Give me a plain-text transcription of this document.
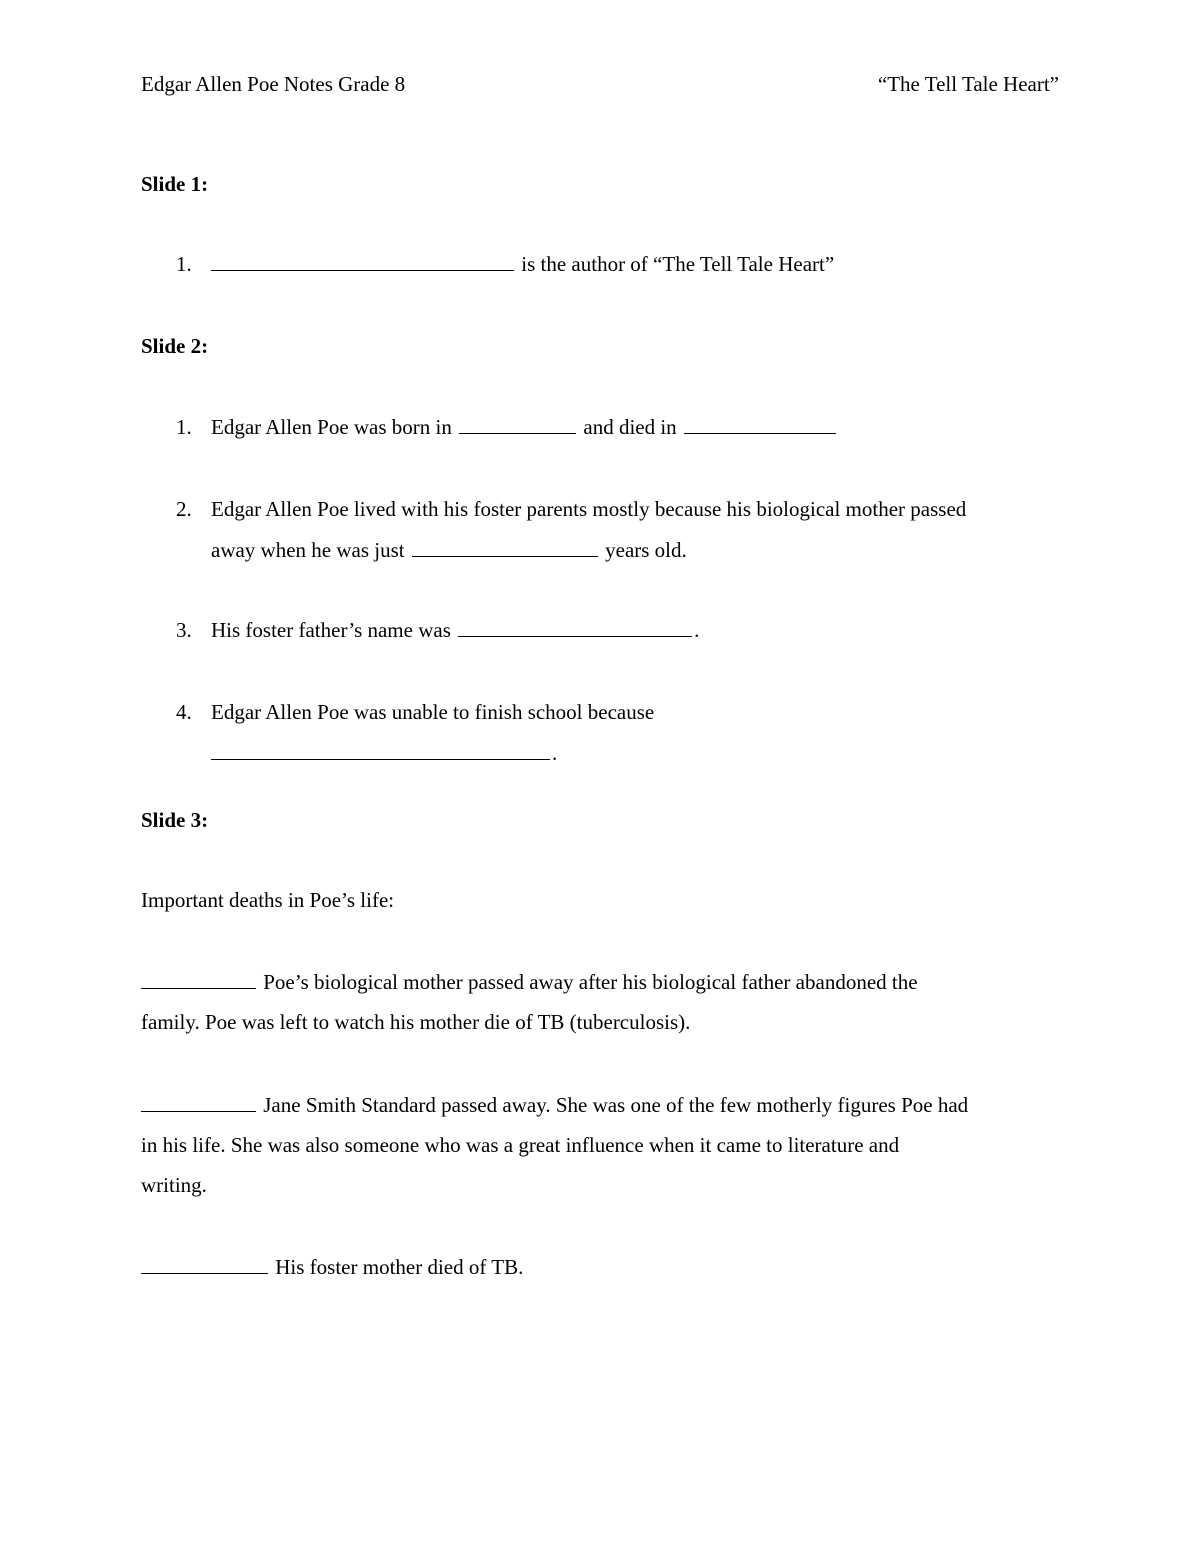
Edgar Allen Poe Notes Grade 8	“The Tell Tale Heart”
Slide 1:
1.	is the author of “The Tell Tale Heart”
Slide 2:
1. Edgar Allen Poe was born in	and died in
2. Edgar Allen Poe lived with his foster parents mostly because his biological mother passed
away when he was just	years old.
3. His foster father’s name was	.
4. Edgar Allen Poe was unable to finish school because
.
Slide 3:
Important deaths in Poe’s life:
Poe’s biological mother passed away after his biological father abandoned the
family. Poe was left to watch his mother die of TB (tuberculosis).
Jane Smith Standard passed away. She was one of the few motherly figures Poe had
in his life. She was also someone who was a great influence when it came to literature and
writing.
His foster mother died of TB.
